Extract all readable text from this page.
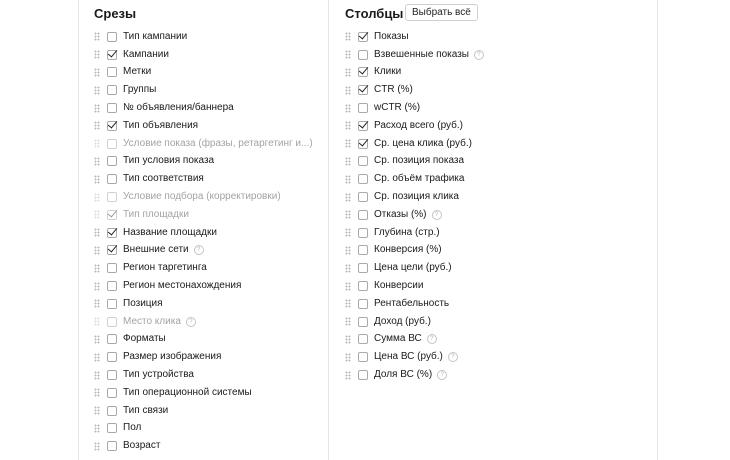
Срезы
Тип кампании
Кампании
Метки
Группы
№ объявления/баннера
Тип объявления
Условие показа (фразы, ретаргетинг и...)
Тип условия показа
Тип соответствия
Условие подбора (корректировки)
Тип площадки
Название площадки
Внешние сети	?
Регион таргетинга
Регион местонахождения
Позиция
Место клика	?
Форматы
Размер изображения
Тип устройства
Тип операционной системы
Тип связи
Пол
Возраст
Столбцы Выбрать всё
Показы
Взвешенные показы	?
Клики
CTR (%)
wCTR (%)
Расход всего (руб.)
Ср. цена клика (руб.)
Ср. позиция показа
Ср. объём трафика
Ср. позиция клика
Отказы (%)	?
Глубина (стр.)
Конверсия (%)
Цена цели (руб.)
Конверсии
Рентабельность
Доход (руб.)
Сумма ВС	?
Цена ВС (руб.)	?
Доля ВС (%)	?
